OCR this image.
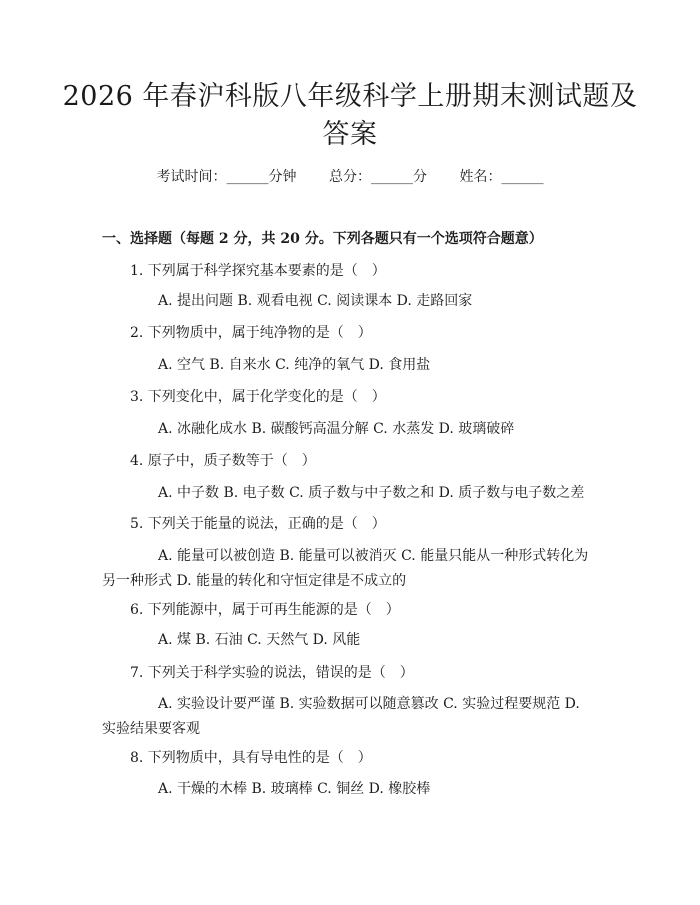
2026 年春沪科版八年级科学上册期末测试题及答案
考试时间：______分钟 总分：______分 姓名：______
一、选择题（每题 2 分，共 20 分。下列各题只有一个选项符合题意）
1. 下列属于科学探究基本要素的是（　）
A. 提出问题 B. 观看电视 C. 阅读课本 D. 走路回家
2. 下列物质中，属于纯净物的是（　）
A. 空气 B. 自来水 C. 纯净的氧气 D. 食用盐
3. 下列变化中，属于化学变化的是（　）
A. 冰融化成水 B. 碳酸钙高温分解 C. 水蒸发 D. 玻璃破碎
4. 原子中，质子数等于（　）
A. 中子数 B. 电子数 C. 质子数与中子数之和 D. 质子数与电子数之差
5. 下列关于能量的说法，正确的是（　）
A. 能量可以被创造 B. 能量可以被消灭 C. 能量只能从一种形式转化为另一种形式 D. 能量的转化和守恒定律是不成立的
6. 下列能源中，属于可再生能源的是（　）
A. 煤 B. 石油 C. 天然气 D. 风能
7. 下列关于科学实验的说法，错误的是（　）
A. 实验设计要严谨 B. 实验数据可以随意篡改 C. 实验过程要规范 D. 实验结果要客观
8. 下列物质中，具有导电性的是（　）
A. 干燥的木棒 B. 玻璃棒 C. 铜丝 D. 橡胶棒
